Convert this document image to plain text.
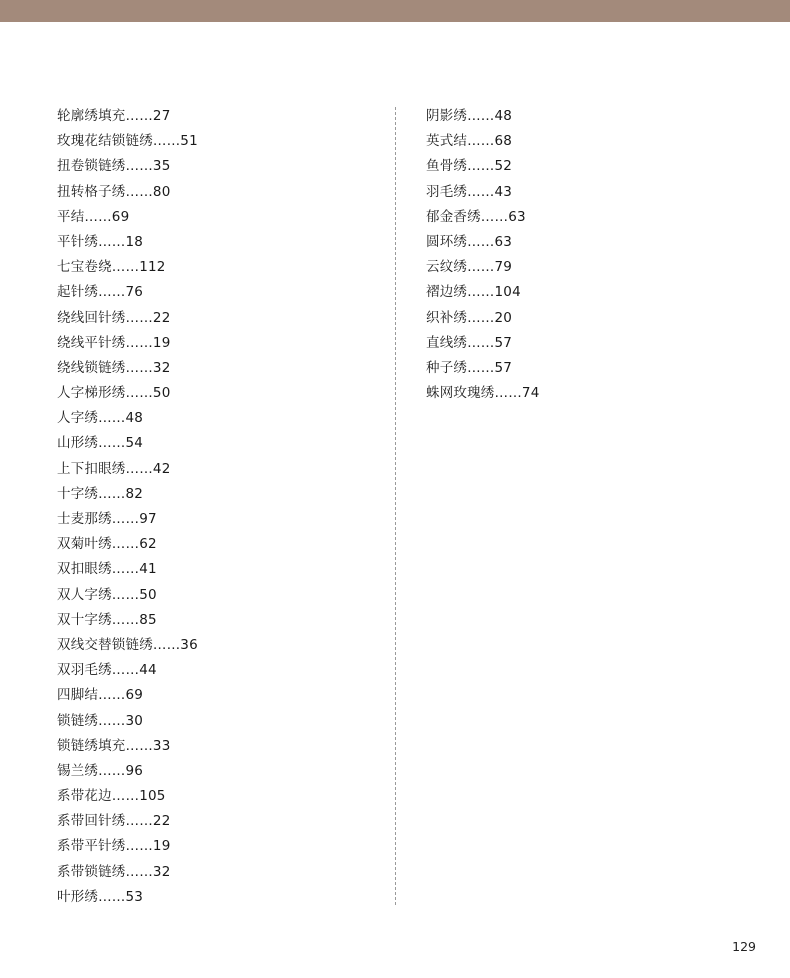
轮廓绣填充……27
玫瑰花结锁链绣……51
扭卷锁链绣……35
扭转格子绣……80
平结……69
平针绣……18
七宝卷绕……112
起针绣……76
绕线回针绣……22
绕线平针绣……19
绕线锁链绣……32
人字梯形绣……50
人字绣……48
山形绣……54
上下扣眼绣……42
十字绣……82
士麦那绣……97
双菊叶绣……62
双扣眼绣……41
双人字绣……50
双十字绣……85
双线交替锁链绣……36
双羽毛绣……44
四脚结……69
锁链绣……30
锁链绣填充……33
锡兰绣……96
系带花边……105
系带回针绣……22
系带平针绣……19
系带锁链绣……32
叶形绣……53
阴影绣……48
英式结……68
鱼骨绣……52
羽毛绣……43
郁金香绣……63
圆环绣……63
云纹绣……79
褶边绣……104
织补绣……20
直线绣……57
种子绣……57
蛛网玫瑰绣……74
129
